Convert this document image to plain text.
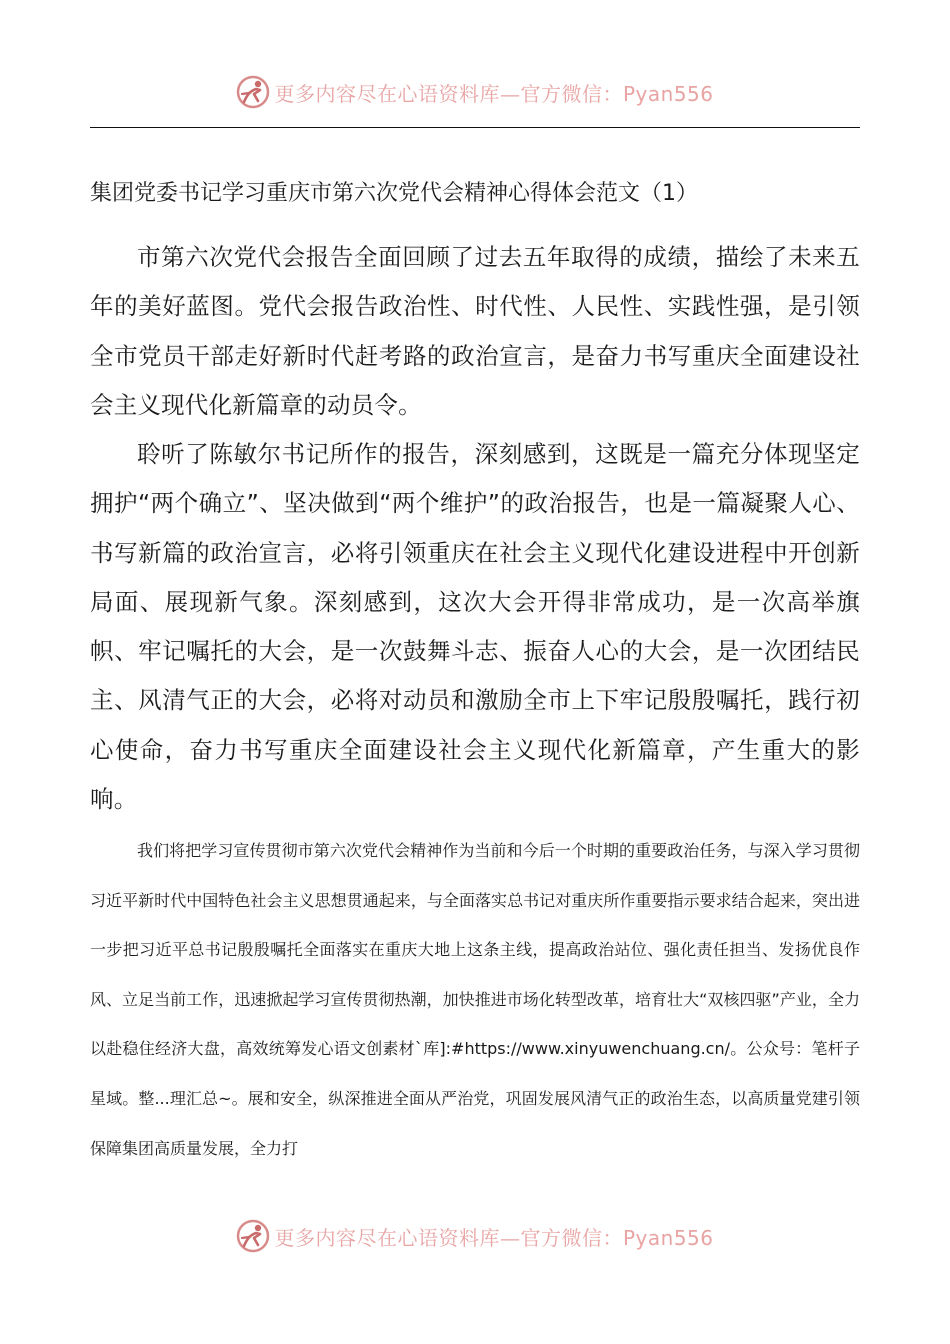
更多内容尽在心语资料库—官方微信：Pyan556
集团党委书记学习重庆市第六次党代会精神心得体会范文（1）

市第六次党代会报告全面回顾了过去五年取得的成绩，描绘了未来五年的美好蓝图。党代会报告政治性、时代性、人民性、实践性强，是引领全市党员干部走好新时代赶考路的政治宣言，是奋力书写重庆全面建设社会主义现代化新篇章的动员令。

聆听了陈敏尔书记所作的报告，深刻感到，这既是一篇充分体现坚定拥护“两个确立”、坚决做到“两个维护”的政治报告，也是一篇凝聚人心、书写新篇的政治宣言，必将引领重庆在社会主义现代化建设进程中开创新局面、展现新气象。深刻感到，这次大会开得非常成功，是一次高举旗帜、牢记嘱托的大会，是一次鼓舞斗志、振奋人心的大会，是一次团结民主、风清气正的大会，必将对动员和激励全市上下牢记殷殷嘱托，践行初心使命，奋力书写重庆全面建设社会主义现代化新篇章，产生重大的影响。

我们将把学习宣传贯彻市第六次党代会精神作为当前和今后一个时期的重要政治任务，与深入学习贯彻习近平新时代中国特色社会主义思想贯通起来，与全面落实总书记对重庆所作重要指示要求结合起来，突出进一步把习近平总书记殷殷嘱托全面落实在重庆大地上这条主线，提高政治站位、强化责任担当、发扬优良作风、立足当前工作，迅速掀起学习宣传贯彻热潮，加快推进市场化转型改革，培育壮大“双核四驱”产业，全力以赴稳住经济大盘，高效统筹发心语文创素材`库]:#https://www.xinyuwenchuang.cn/。公众号：笔杆子星域。整...理汇总~。展和安全，纵深推进全面从严治党，巩固发展风清气正的政治生态，以高质量党建引领保障集团高质量发展，全力打

更多内容尽在心语资料库—官方微信：Pyan556
